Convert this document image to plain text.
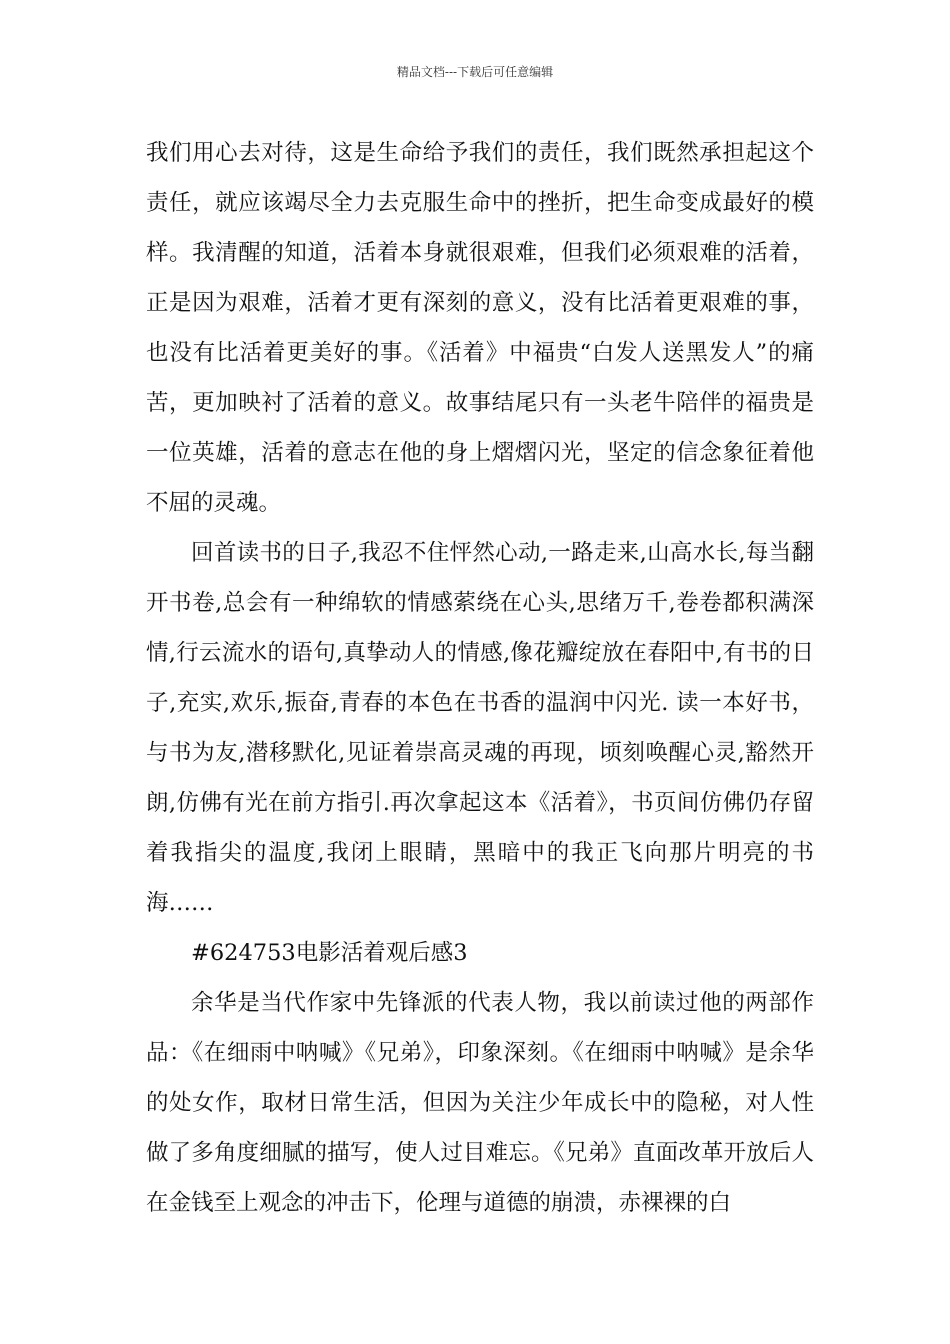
精品文档---下载后可任意编辑

我们用心去对待，这是生命给予我们的责任，我们既然承担起这个责任，就应该竭尽全力去克服生命中的挫折，把生命变成最好的模样。我清醒的知道，活着本身就很艰难，但我们必须艰难的活着，正是因为艰难，活着才更有深刻的意义，没有比活着更艰难的事，也没有比活着更美好的事。《活着》中福贵“白发人送黑发人”的痛苦，更加映衬了活着的意义。故事结尾只有一头老牛陪伴的福贵是一位英雄，活着的意志在他的身上熠熠闪光，坚定的信念象征着他不屈的灵魂。

回首读书的日子,我忍不住怦然心动,一路走来,山高水长,每当翻开书卷,总会有一种绵软的情感萦绕在心头,思绪万千,卷卷都积满深情,行云流水的语句,真挚动人的情感,像花瓣绽放在春阳中,有书的日子,充实,欢乐,振奋,青春的本色在书香的温润中闪光. 读一本好书，与书为友,潜移默化,见证着崇高灵魂的再现，顷刻唤醒心灵,豁然开朗,仿佛有光在前方指引.再次拿起这本《活着》，书页间仿佛仍存留着我指尖的温度,我闭上眼睛，黑暗中的我正飞向那片明亮的书海……

#624753电影活着观后感3

余华是当代作家中先锋派的代表人物，我以前读过他的两部作品：《在细雨中呐喊》《兄弟》，印象深刻。《在细雨中呐喊》是余华的处女作，取材日常生活，但因为关注少年成长中的隐秘，对人性做了多角度细腻的描写，使人过目难忘。《兄弟》直面改革开放后人在金钱至上观念的冲击下，伦理与道德的崩溃，赤裸裸的白
